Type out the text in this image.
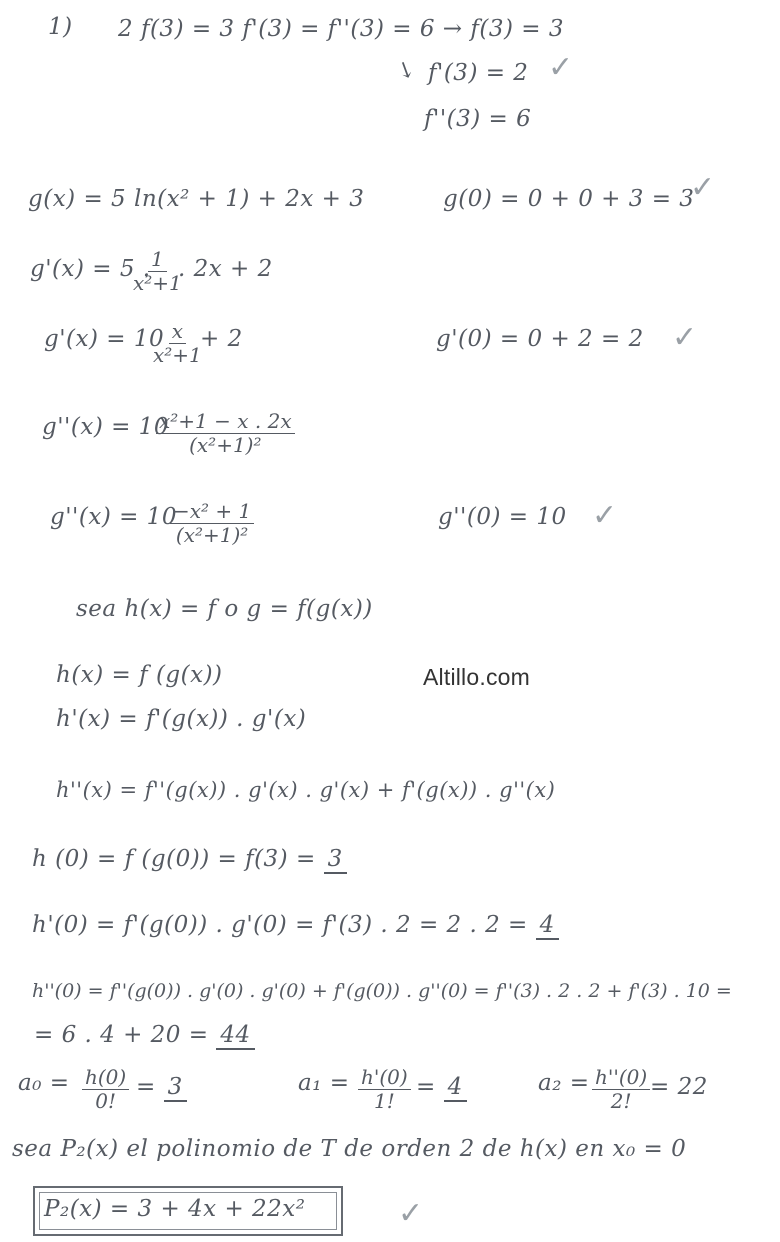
1) 2 f(3) = 3 f'(3) = f''(3) = 6 → f(3) = 3
↘ f'(3) = 2 ✓
f''(3) = 6
g(x) = 5 ln(x² + 1) + 2x + 3	g(0) = 0 + 0 + 3 = 3
✓
g'(x) = 5 .
$\frac{1}{\text{x²+1}}$
. 2x + 2
g'(x) = 10
$\frac{x}{\text{x²+1}}$
+ 2	g'(0) = 0 + 2 = 2 ✓
g''(x) = 10
$\frac{\text{x²+1 − x . 2x}}{\text{(x²+1)²}}$
g''(x) = 10
$\frac{\text{−x² + 1}}{\text{(x²+1)²}}$	g''(0) = 10 ✓
sea h(x) = f o g = f(g(x))
h(x) = f (g(x))	Altillo.com
h'(x) = f'(g(x)) . g'(x)
h''(x) = f''(g(x)) . g'(x) . g'(x) + f'(g(x)) . g''(x)
h (0) = f (g(0)) = f(3) = 3
h'(0) = f'(g(0)) . g'(0) = f'(3) . 2 = 2 . 2 = 4
h''(0) = f''(g(0)) . g'(0) . g'(0) + f'(g(0)) . g''(0) = f''(3) . 2 . 2 + f'(3) . 10 =
= 6 . 4 + 20 = 44
$a_0 = \frac{h(0)}{0!} = 3$	$a_1 = \frac{h'(0)}{1!} = 4$	$a_2 = \frac{h''(0)}{2!} = 22$
sea P₂(x) el polinomio de T de orden 2 de h(x) en x₀ = 0
P₂(x) = 3 + 4x + 22x²	✓
